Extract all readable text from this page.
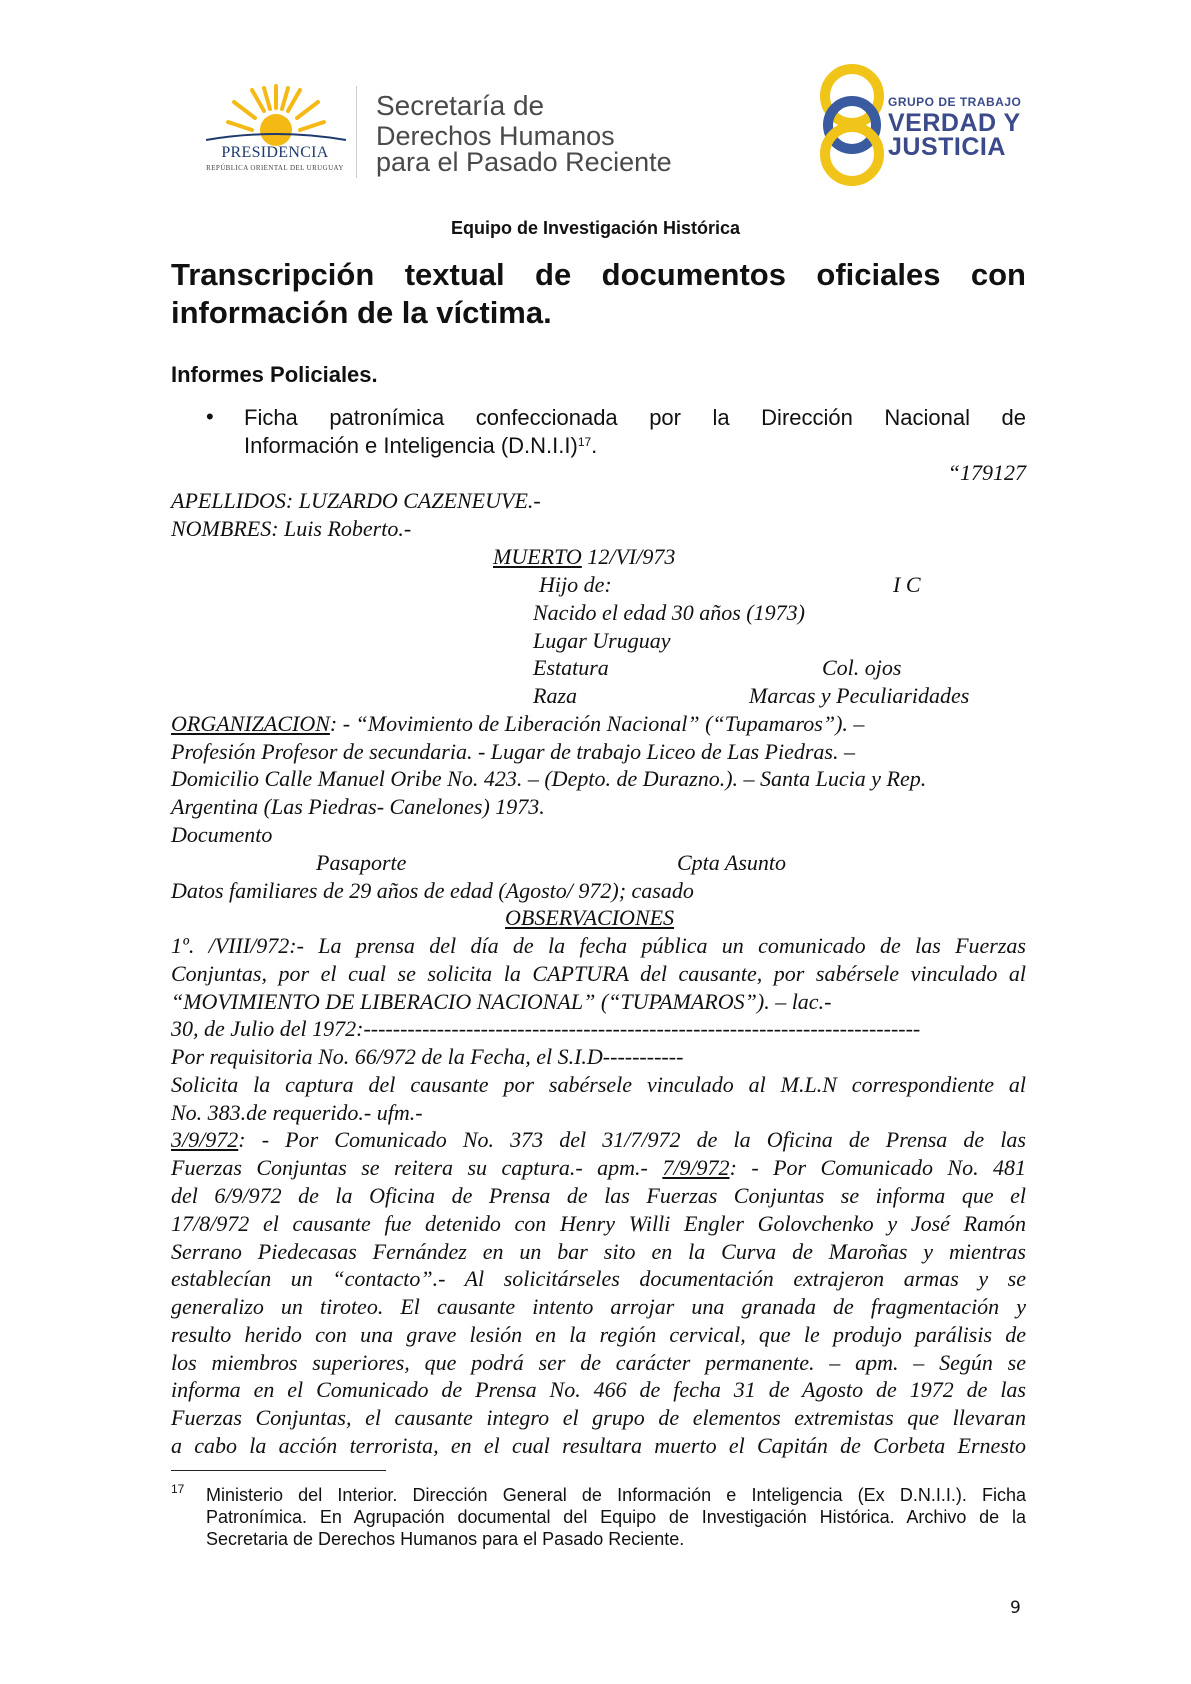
PRESIDENCIA
REPÚBLICA ORIENTAL DEL URUGUAY
Secretaría de
Derechos Humanos
para el Pasado Reciente
GRUPO DE TRABAJO
VERDAD Y
JUSTICIA
Equipo de Investigación Histórica
Transcripción textual de documentos oficiales con
información de la víctima.
Informes Policiales.
• Ficha patronímica confeccionada por la Dirección Nacional de
Información e Inteligencia $(D.N.I.I)^{17}$.
“179127
APELLIDOS: LUZARDO CAZENEUVE.-
NOMBRES: Luis Roberto.-
MUERTO 12/VI/973
Hijo de:	I C
Nacido el edad 30 años (1973)
Lugar Uruguay
Estatura	Col. ojos
Raza	Marcas y Peculiaridades
ORGANIZACION: - “Movimiento de Liberación Nacional” (“Tupamaros”). –
Profesión Profesor de secundaria. - Lugar de trabajo Liceo de Las Piedras. –
Domicilio Calle Manuel Oribe No. 423. – (Depto. de Durazno.). – Santa Lucia y Rep.
Argentina (Las Piedras- Canelones) 1973.
Documento
Pasaporte	Cpta Asunto
Datos familiares de 29 años de edad (Agosto/ 972); casado
OBSERVACIONES
1º. /VIII/972:- La prensa del día de la fecha pública un comunicado de las Fuerzas
Conjuntas, por el cual se solicita la CAPTURA del causante, por sabérsele vinculado al
“MOVIMIENTO DE LIBERACIO NACIONAL” (“TUPAMAROS”). – lac.-
30, de Julio del 1972:----------------------------------------------------------------------------
Por requisitoria No. 66/972 de la Fecha, el S.I.D-----------
Solicita la captura del causante por sabérsele vinculado al M.L.N correspondiente al
No. 383.de requerido.- ufm.-
3/9/972: - Por Comunicado No. 373 del 31/7/972 de la Oficina de Prensa de las
Fuerzas Conjuntas se reitera su captura.- apm.- 7/9/972: - Por Comunicado No. 481
del 6/9/972 de la Oficina de Prensa de las Fuerzas Conjuntas se informa que el
17/8/972 el causante fue detenido con Henry Willi Engler Golovchenko y José Ramón
Serrano Piedecasas Fernández en un bar sito en la Curva de Maroñas y mientras
establecían un “contacto”.- Al solicitárseles documentación extrajeron armas y se
generalizo un tiroteo. El causante intento arrojar una granada de fragmentación y
resulto herido con una grave lesión en la región cervical, que le produjo parálisis de
los miembros superiores, que podrá ser de carácter permanente. – apm. – Según se
informa en el Comunicado de Prensa No. 466 de fecha 31 de Agosto de 1972 de las
Fuerzas Conjuntas, el causante integro el grupo de elementos extremistas que llevaran
a cabo la acción terrorista, en el cual resultara muerto el Capitán de Corbeta Ernesto
17 Ministerio del Interior. Dirección General de Información e Inteligencia (Ex D.N.I.I.). Ficha
Patronímica. En Agrupación documental del Equipo de Investigación Histórica. Archivo de la
Secretaria de Derechos Humanos para el Pasado Reciente.
9
